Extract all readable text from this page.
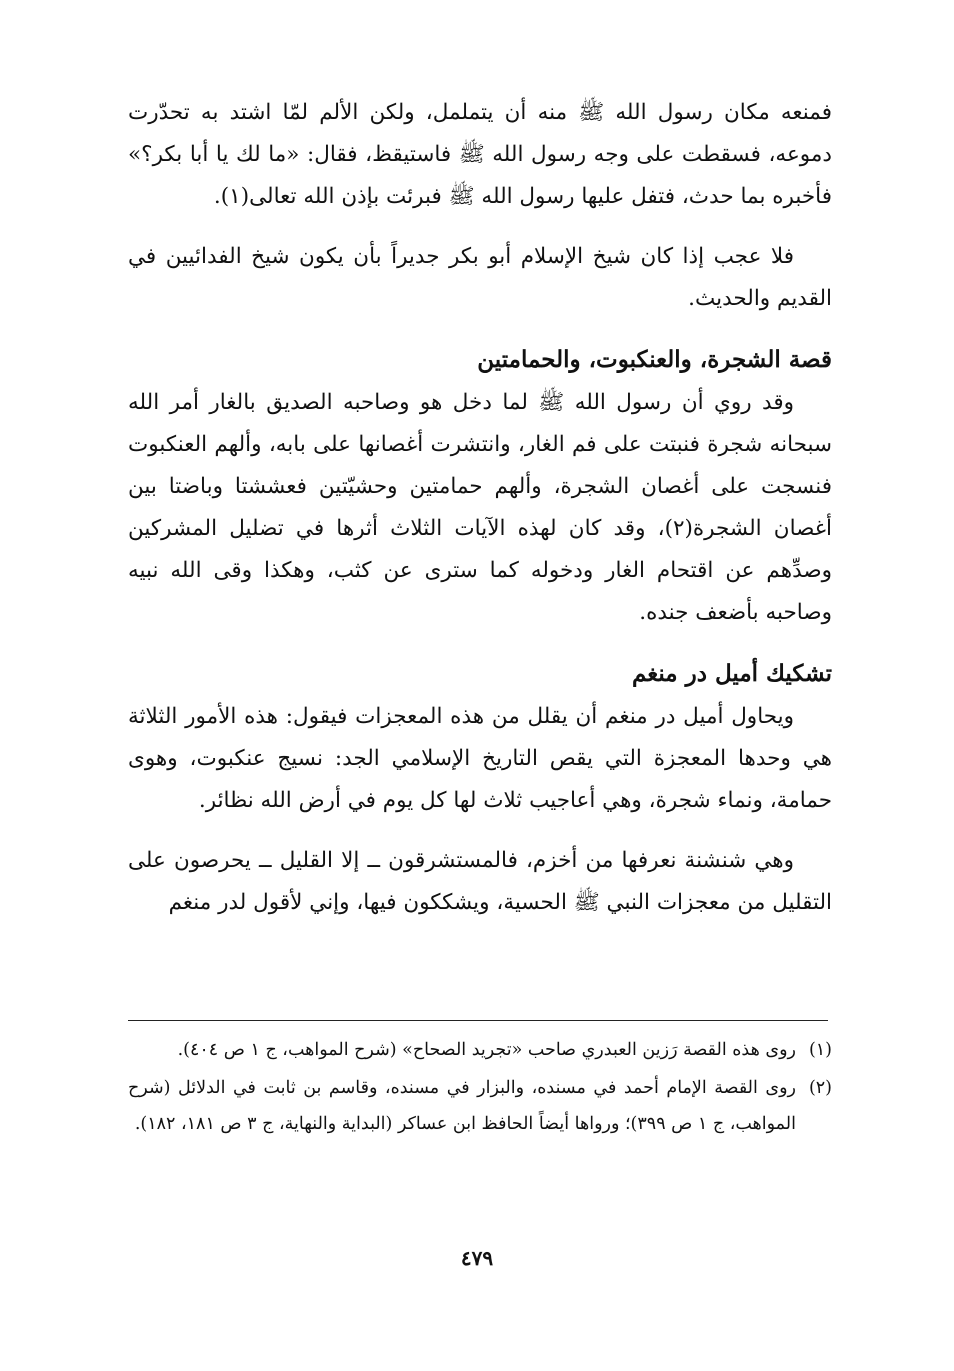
فمنعه مكان رسول الله ﷺ منه أن يتململ، ولكن الألم لمّا اشتد به تحدّرت دموعه، فسقطت على وجه رسول الله ﷺ فاستيقظ، فقال: «ما لك يا أبا بكر؟» فأخبره بما حدث، فتفل عليها رسول الله ﷺ فبرئت بإذن الله تعالى(١).

فلا عجب إذا كان شيخ الإسلام أبو بكر جديراً بأن يكون شيخ الفدائيين في القديم والحديث.

قصة الشجرة، والعنكبوت، والحمامتين

وقد روي أن رسول الله ﷺ لما دخل هو وصاحبه الصديق بالغار أمر الله سبحانه شجرة فنبتت على فم الغار، وانتشرت أغصانها على بابه، وألهم العنكبوت فنسجت على أغصان الشجرة، وألهم حمامتين وحشيّتين فعششتا وباضتا بين أغصان الشجرة(٢)، وقد كان لهذه الآيات الثلاث أثرها في تضليل المشركين وصدِّهم عن اقتحام الغار ودخوله كما سترى عن كثب، وهكذا وقى الله نبيه وصاحبه بأضعف جنده.

تشكيك أميل در منغم

ويحاول أميل در منغم أن يقلل من هذه المعجزات فيقول: هذه الأمور الثلاثة هي وحدها المعجزة التي يقص التاريخ الإسلامي الجد: نسيج عنكبوت، وهوى حمامة، ونماء شجرة، وهي أعاجيب ثلاث لها كل يوم في أرض الله نظائر.

وهي شنشنة نعرفها من أخزم، فالمستشرقون ــ إلا القليل ــ يحرصون على التقليل من معجزات النبي ﷺ الحسية، ويشككون فيها، وإني لأقول لدر منغم

(١)
روى هذه القصة رَزين العبدري صاحب «تجريد الصحاح» (شرح المواهب، ج ١ ص ٤٠٤).

(٢)
روى القصة الإمام أحمد في مسنده، والبزار في مسنده، وقاسم بن ثابت في الدلائل (شرح المواهب، ج ١ ص ٣٩٩)؛ ورواها أيضاً الحافظ ابن عساكر (البداية والنهاية، ج ٣ ص ١٨١، ١٨٢).

٤٧٩
